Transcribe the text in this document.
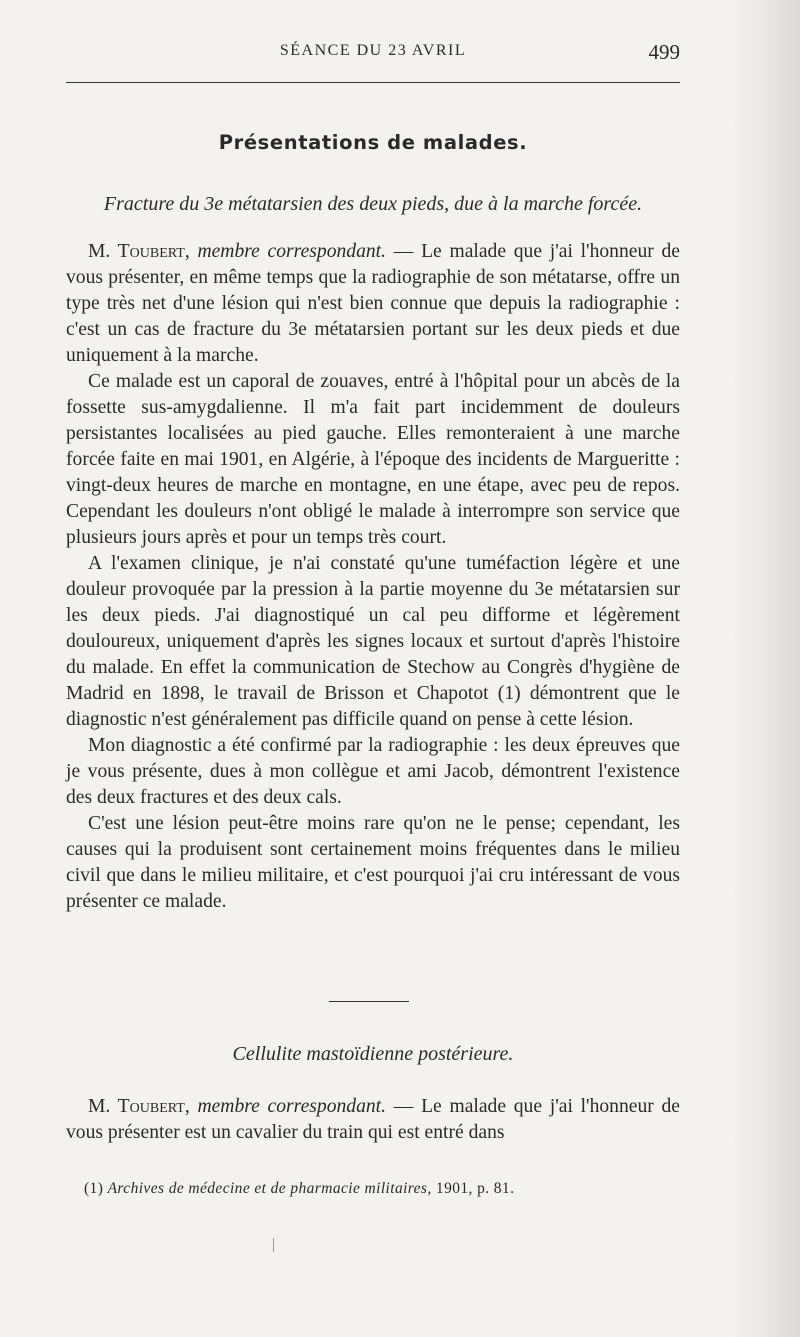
SÉANCE DU 23 AVRIL	499
Présentations de malades.
Fracture du 3e métatarsien des deux pieds, due à la marche forcée.

M. Toubert, membre correspondant. — Le malade que j'ai l'honneur de vous présenter, en même temps que la radiographie de son métatarse, offre un type très net d'une lésion qui n'est bien connue que depuis la radiographie : c'est un cas de fracture du 3e métatarsien portant sur les deux pieds et due uniquement à la marche.

Ce malade est un caporal de zouaves, entré à l'hôpital pour un abcès de la fossette sus-amygdalienne. Il m'a fait part incidemment de douleurs persistantes localisées au pied gauche. Elles remonteraient à une marche forcée faite en mai 1901, en Algérie, à l'époque des incidents de Margueritte : vingt-deux heures de marche en montagne, en une étape, avec peu de repos. Cependant les douleurs n'ont obligé le malade à interrompre son service que plusieurs jours après et pour un temps très court.

A l'examen clinique, je n'ai constaté qu'une tuméfaction légère et une douleur provoquée par la pression à la partie moyenne du 3e métatarsien sur les deux pieds. J'ai diagnostiqué un cal peu difforme et légèrement douloureux, uniquement d'après les signes locaux et surtout d'après l'histoire du malade. En effet la communication de Stechow au Congrès d'hygiène de Madrid en 1898, le travail de Brisson et Chapotot (1) démontrent que le diagnostic n'est généralement pas difficile quand on pense à cette lésion.

Mon diagnostic a été confirmé par la radiographie : les deux épreuves que je vous présente, dues à mon collègue et ami Jacob, démontrent l'existence des deux fractures et des deux cals.

C'est une lésion peut-être moins rare qu'on ne le pense; cependant, les causes qui la produisent sont certainement moins fréquentes dans le milieu civil que dans le milieu militaire, et c'est pourquoi j'ai cru intéressant de vous présenter ce malade.

Cellulite mastoïdienne postérieure.

M. Toubert, membre correspondant. — Le malade que j'ai l'honneur de vous présenter est un cavalier du train qui est entré dans

(1) Archives de médecine et de pharmacie militaires, 1901, p. 81.
